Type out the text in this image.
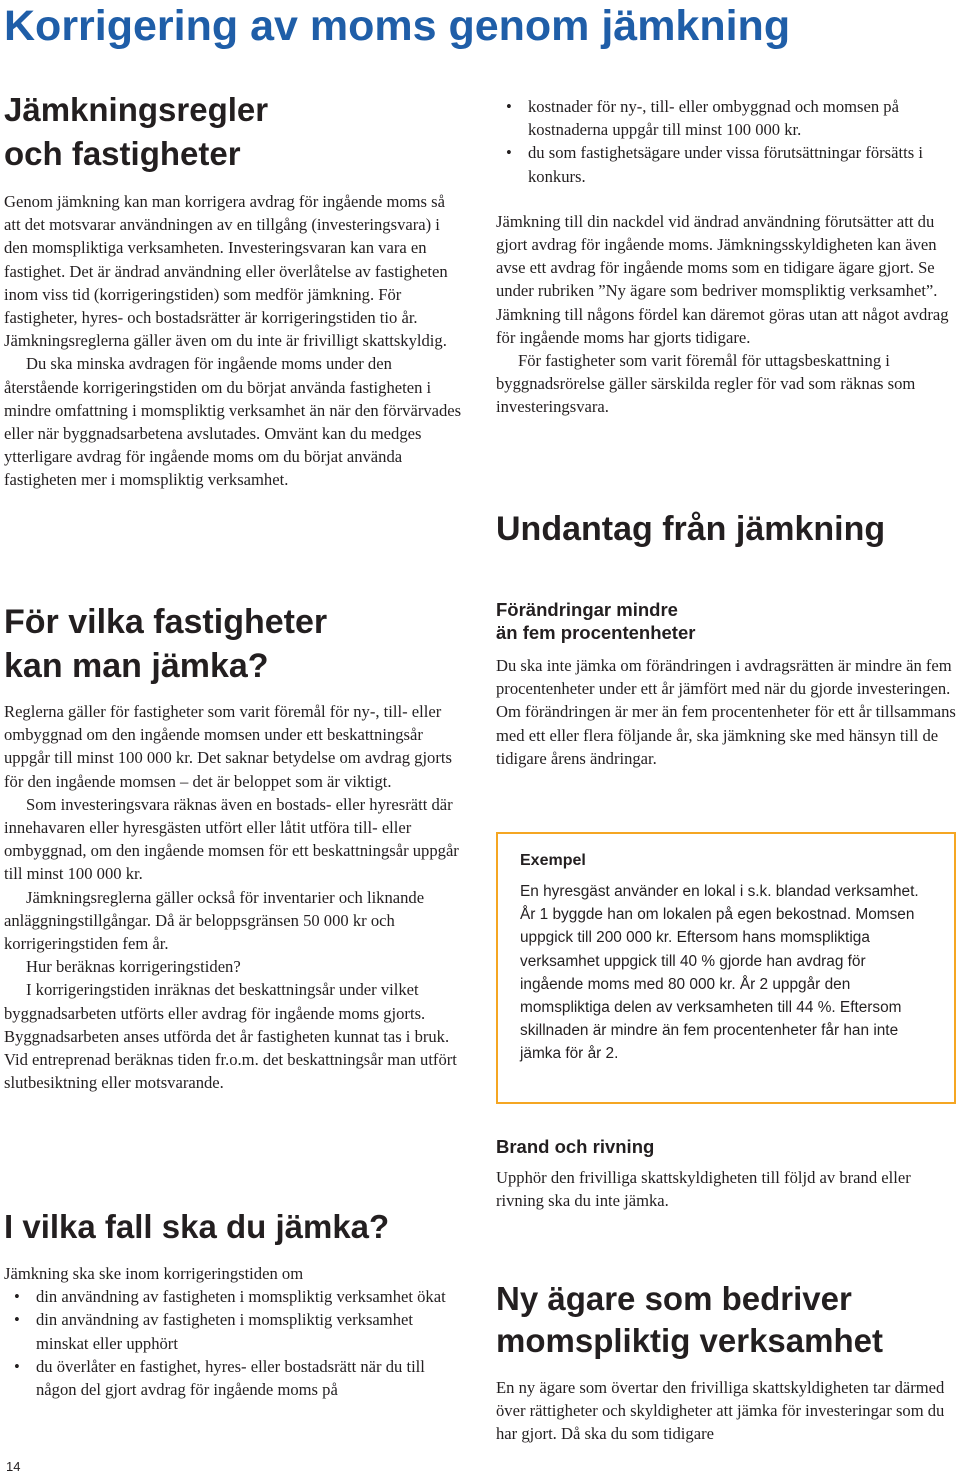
Korrigering av moms genom jämkning
Jämkningsregler
och fastigheter

Genom jämkning kan man korrigera avdrag för ingående moms så att det motsvarar användningen av en tillgång (investeringsvara) i den momspliktiga verksamheten. Investeringsvaran kan vara en fastighet. Det är ändrad användning eller överlåtelse av fastigheten inom viss tid (korrigeringstiden) som medför jämkning. För fastigheter, hyres- och bostadsrätter är korrigeringstiden tio år. Jämkningsreglerna gäller även om du inte är frivilligt skattskyldig.

Du ska minska avdragen för ingående moms under den återstående korrigeringstiden om du börjat använda fastigheten i mindre omfattning i momspliktig verksamhet än när den förvärvades eller när byggnadsarbetena avslutades. Omvänt kan du medges ytterligare avdrag för ingående moms om du börjat använda fastigheten mer i momspliktig verksamhet.

För vilka fastigheter
kan man jämka?

Reglerna gäller för fastigheter som varit föremål för ny-, till- eller ombyggnad om den ingående momsen under ett beskattningsår uppgår till minst 100 000 kr. Det saknar betydelse om avdrag gjorts för den ingående momsen – det är beloppet som är viktigt.

Som investeringsvara räknas även en bostads- eller hyresrätt där innehavaren eller hyresgästen utfört eller låtit utföra till- eller ombyggnad, om den ingående momsen för ett beskattningsår uppgår till minst 100 000 kr.

Jämkningsreglerna gäller också för inventarier och liknande anläggningstillgångar. Då är beloppsgränsen 50 000 kr och korrigeringstiden fem år.

Hur beräknas korrigeringstiden?

I korrigeringstiden inräknas det beskattningsår under vilket byggnadsarbeten utförts eller avdrag för ingående moms gjorts. Byggnadsarbeten anses utförda det år fastigheten kunnat tas i bruk. Vid entreprenad beräknas tiden fr.o.m. det beskattningsår man utfört slutbesiktning eller motsvarande.

I vilka fall ska du jämka?

Jämkning ska ske inom korrigeringstiden om

• din användning av fastigheten i momspliktig verksamhet ökat
• din användning av fastigheten i momspliktig verksamhet minskat eller upphört
• du överlåter en fastighet, hyres- eller bostadsrätt när du till någon del gjort avdrag för ingående moms på
• kostnader för ny-, till- eller ombyggnad och momsen på kostnaderna uppgår till minst 100 000 kr.
• du som fastighetsägare under vissa förutsättningar försätts i konkurs.

Jämkning till din nackdel vid ändrad användning förutsätter att du gjort avdrag för ingående moms. Jämkningsskyldigheten kan även avse ett avdrag för ingående moms som en tidigare ägare gjort. Se under rubriken ”Ny ägare som bedriver momspliktig verksamhet”. Jämkning till någons fördel kan däremot göras utan att något avdrag för ingående moms har gjorts tidigare.

För fastigheter som varit föremål för uttagsbeskattning i byggnadsrörelse gäller särskilda regler för vad som räknas som investeringsvara.

Undantag från jämkning
Förändringar mindre
än fem procentenheter

Du ska inte jämka om förändringen i avdragsrätten är mindre än fem procentenheter under ett år jämfört med när du gjorde investeringen. Om förändringen är mer än fem procentenheter för ett år tillsammans med ett eller flera följande år, ska jämkning ske med hänsyn till de tidigare årens ändringar.

Exempel

En hyresgäst använder en lokal i s.k. blandad verksamhet. År 1 byggde han om lokalen på egen bekostnad. Momsen uppgick till 200 000 kr. Eftersom hans momspliktiga verksamhet uppgick till 40 % gjorde han avdrag för ingående moms med 80 000 kr. År 2 uppgår den momspliktiga delen av verksamheten till 44 %. Eftersom skillnaden är mindre än fem procentenheter får han inte jämka för år 2.

Brand och rivning

Upphör den frivilliga skattskyldigheten till följd av brand eller rivning ska du inte jämka.

Ny ägare som bedriver
momspliktig verksamhet

En ny ägare som övertar den frivilliga skattskyldigheten tar därmed över rättigheter och skyldigheter att jämka för investeringar som du har gjort. Då ska du som tidigare

14
